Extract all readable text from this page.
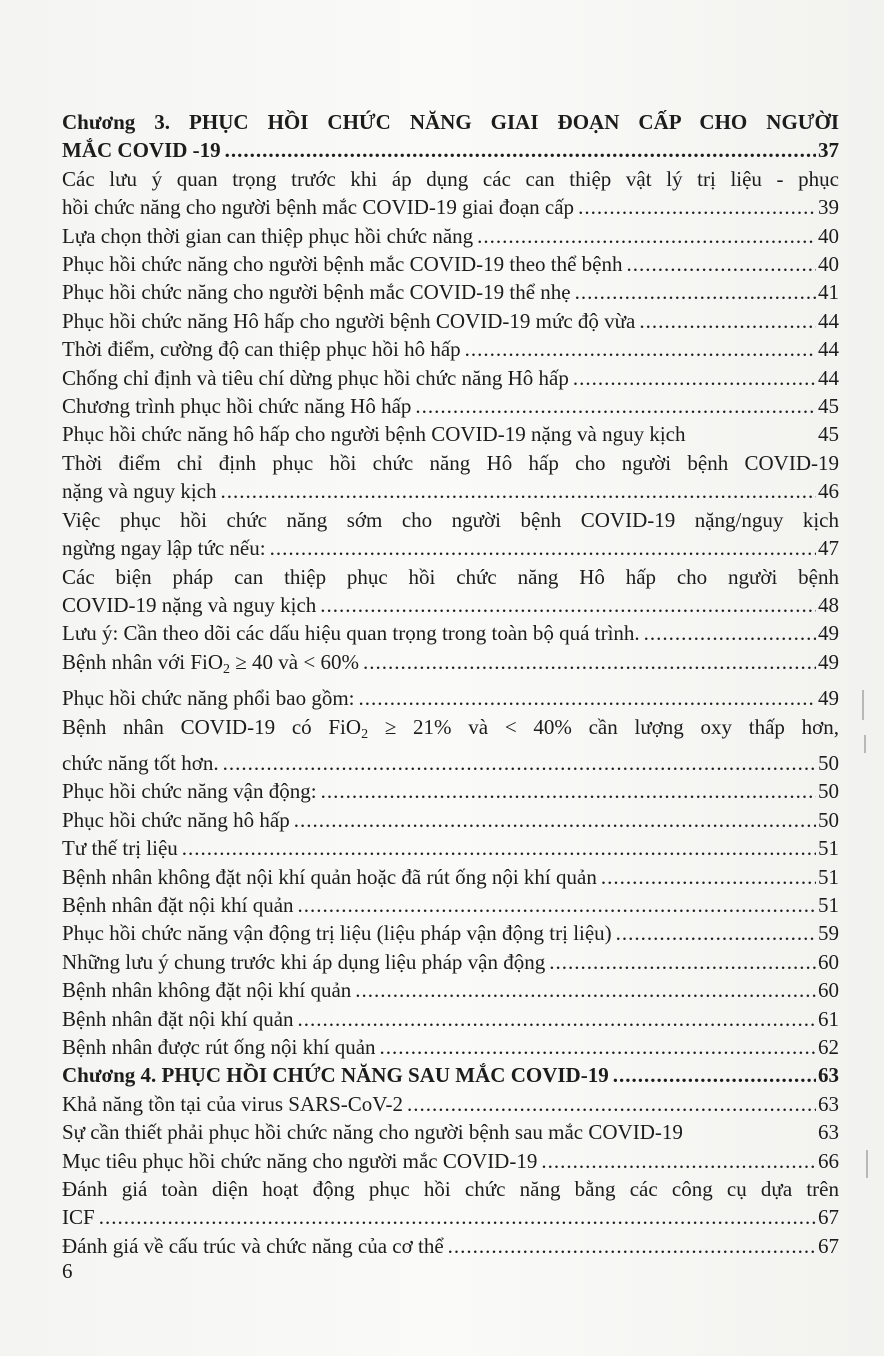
Chương 3. PHỤC HỒI CHỨC NĂNG GIAI ĐOẠN CẤP CHO NGƯỜI
MẮC COVID -19 .....	37
Các lưu ý quan trọng trước khi áp dụng các can thiệp vật lý trị liệu - phục
hồi chức năng cho người bệnh mắc COVID-19 giai đoạn cấp .....	39
Lựa chọn thời gian can thiệp phục hồi chức năng .....	40
Phục hồi chức năng cho người bệnh mắc COVID-19 theo thể bệnh .....	40
Phục hồi chức năng cho người bệnh mắc COVID-19 thể nhẹ .....	41
Phục hồi chức năng Hô hấp cho người bệnh COVID-19 mức độ vừa .....	44
Thời điểm, cường độ can thiệp phục hồi hô hấp .....	44
Chống chỉ định và tiêu chí dừng phục hồi chức năng Hô hấp .....	44
Chương trình phục hồi chức năng Hô hấp .....	45
Phục hồi chức năng hô hấp cho người bệnh COVID-19 nặng và nguy kịch	45
Thời điểm chỉ định phục hồi chức năng Hô hấp cho người bệnh COVID-19
nặng và nguy kịch .....	46
Việc phục hồi chức năng sớm cho người bệnh COVID-19 nặng/nguy kịch
ngừng ngay lập tức nếu: .....	47
Các biện pháp can thiệp phục hồi chức năng Hô hấp cho người bệnh
COVID-19 nặng và nguy kịch .....	48
Lưu ý: Cần theo dõi các dấu hiệu quan trọng trong toàn bộ quá trình. .....	49
Bệnh nhân với FiO$_2$ ≥ 40 và < 60% .....	49
Phục hồi chức năng phổi bao gồm: .....	49
Bệnh nhân COVID-19 có FiO$_2$ ≥ 21% và < 40% cần lượng oxy thấp hơn,
chức năng tốt hơn. .....	50
Phục hồi chức năng vận động: .....	50
Phục hồi chức năng hô hấp .....	50
Tư thế trị liệu .....	51
Bệnh nhân không đặt nội khí quản hoặc đã rút ống nội khí quản .....	51
Bệnh nhân đặt nội khí quản .....	51
Phục hồi chức năng vận động trị liệu (liệu pháp vận động trị liệu) .....	59
Những lưu ý chung trước khi áp dụng liệu pháp vận động .....	60
Bệnh nhân không đặt nội khí quản .....	60
Bệnh nhân đặt nội khí quản .....	61
Bệnh nhân được rút ống nội khí quản .....	62
Chương 4. PHỤC HỒI CHỨC NĂNG SAU MẮC COVID-19 .....	63
Khả năng tồn tại của virus SARS-CoV-2 .....	63
Sự cần thiết phải phục hồi chức năng cho người bệnh sau mắc COVID-19	63
Mục tiêu phục hồi chức năng cho người mắc COVID-19 .....	66
Đánh giá toàn diện hoạt động phục hồi chức năng bằng các công cụ dựa trên
ICF .....	67
Đánh giá về cấu trúc và chức năng của cơ thể .....	67
6
